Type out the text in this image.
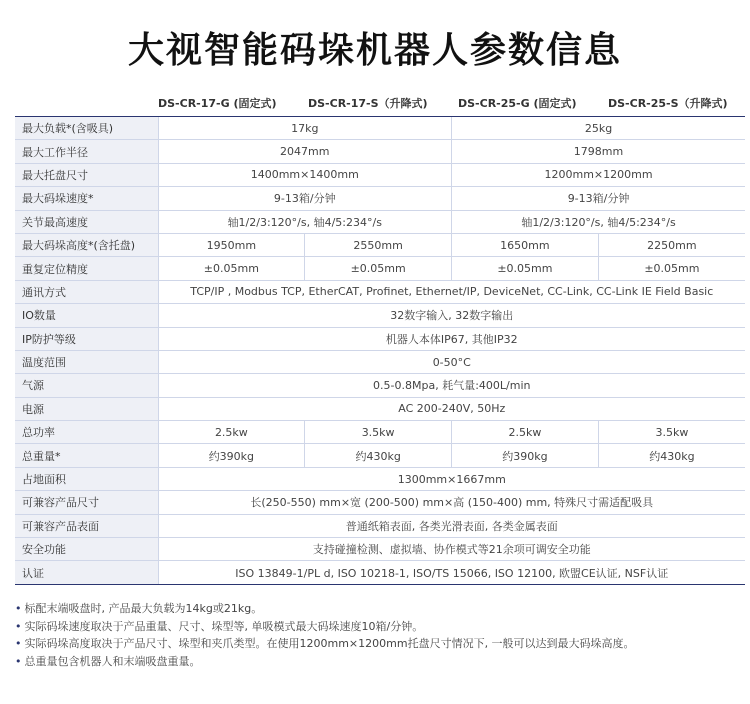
大视智能码垛机器人参数信息
DS-CR-17-G (固定式)	DS-CR-17-S（升降式)	DS-CR-25-G (固定式)	DS-CR-25-S（升降式)
最大负载*(含吸具)	17kg		25kg	
最大工作半径	2047mm		1798mm	
最大托盘尺寸	1400mm×1400mm		1200mm×1200mm	
最大码垛速度*	9-13箱/分钟		9-13箱/分钟	
关节最高速度	轴1/2/3:120°/s, 轴4/5:234°/s		轴1/2/3:120°/s, 轴4/5:234°/s	
最大码垛高度*(含托盘)	1950mm	2550mm	1650mm	2250mm
重复定位精度	±0.05mm	±0.05mm	±0.05mm	±0.05mm
通讯方式	TCP/IP , Modbus TCP, EtherCAT, Profinet, Ethernet/IP, DeviceNet, CC-Link, CC-Link IE Field Basic			
IO数量	32数字输入, 32数字输出			
IP防护等级	机器人本体IP67, 其他IP32			
温度范围	0-50°C			
气源	0.5-0.8Mpa, 耗气量:400L/min			
电源	AC 200-240V, 50Hz			
总功率	2.5kw	3.5kw	2.5kw	3.5kw
总重量*	约390kg	约430kg	约390kg	约430kg
占地面积	1300mm×1667mm			
可兼容产品尺寸	长(250-550) mm×宽 (200-500) mm×高 (150-400) mm, 特殊尺寸需适配吸具			
可兼容产品表面	普通纸箱表面, 各类光滑表面, 各类金属表面			
安全功能	支持碰撞检测、虚拟墙、协作模式等21余项可调安全功能			
认证	ISO 13849-1/PL d, ISO 10218-1, ISO/TS 15066, ISO 12100, 欧盟CE认证, NSF认证			
• 标配末端吸盘时, 产品最大负载为14kg或21kg。
• 实际码垛速度取决于产品重量、尺寸、垛型等, 单吸模式最大码垛速度10箱/分钟。
• 实际码垛高度取决于产品尺寸、垛型和夹爪类型。在使用1200mm×1200mm托盘尺寸情况下, 一般可以达到最大码垛高度。
• 总重量包含机器人和末端吸盘重量。
